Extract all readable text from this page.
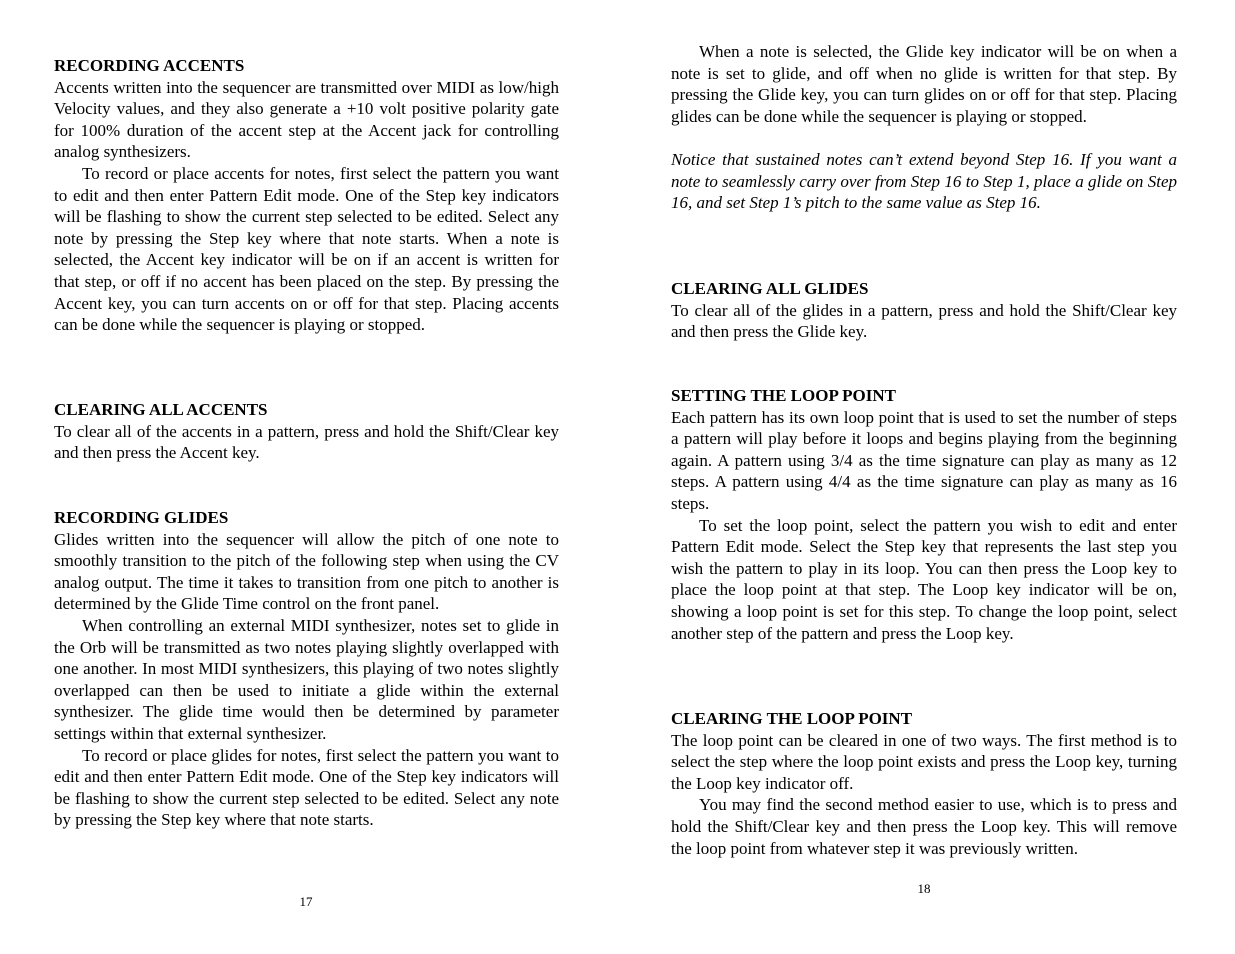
RECORDING ACCENTS

Accents written into the sequencer are transmitted over MIDI as low/high Velocity values, and they also generate a +10 volt positive polarity gate for 100% duration of the accent step at the Accent jack for controlling analog synthesizers.

To record or place accents for notes, first select the pattern you want to edit and then enter Pattern Edit mode. One of the Step key indicators will be flashing to show the current step selected to be edited. Select any note by pressing the Step key where that note starts. When a note is selected, the Accent key indicator will be on if an accent is written for that step, or off if no accent has been placed on the step. By pressing the Accent key, you can turn accents on or off for that step. Placing accents can be done while the sequencer is playing or stopped.

CLEARING ALL ACCENTS

To clear all of the accents in a pattern, press and hold the Shift/Clear key and then press the Accent key.

RECORDING GLIDES

Glides written into the sequencer will allow the pitch of one note to smoothly transition to the pitch of the following step when using the CV analog output. The time it takes to transition from one pitch to another is determined by the Glide Time control on the front panel.

When controlling an external MIDI synthesizer, notes set to glide in the Orb will be transmitted as two notes playing slightly overlapped with one another. In most MIDI synthesizers, this playing of two notes slightly overlapped can then be used to initiate a glide within the external synthesizer. The glide time would then be determined by parameter settings within that external synthesizer.

To record or place glides for notes, first select the pattern you want to edit and then enter Pattern Edit mode. One of the Step key indicators will be flashing to show the current step selected to be edited. Select any note by pressing the Step key where that note starts.

17

When a note is selected, the Glide key indicator will be on when a note is set to glide, and off when no glide is written for that step. By pressing the Glide key, you can turn glides on or off for that step. Placing glides can be done while the sequencer is playing or stopped.

Notice that sustained notes can’t extend beyond Step 16. If you want a note to seamlessly carry over from Step 16 to Step 1, place a glide on Step 16, and set Step 1’s pitch to the same value as Step 16.

CLEARING ALL GLIDES

To clear all of the glides in a pattern, press and hold the Shift/Clear key and then press the Glide key.

SETTING THE LOOP POINT

Each pattern has its own loop point that is used to set the number of steps a pattern will play before it loops and begins playing from the beginning again. A pattern using 3/4 as the time signature can play as many as 12 steps. A pattern using 4/4 as the time signature can play as many as 16 steps.

To set the loop point, select the pattern you wish to edit and enter Pattern Edit mode. Select the Step key that represents the last step you wish the pattern to play in its loop. You can then press the Loop key to place the loop point at that step. The Loop key indicator will be on, showing a loop point is set for this step. To change the loop point, select another step of the pattern and press the Loop key.

CLEARING THE LOOP POINT

The loop point can be cleared in one of two ways. The first method is to select the step where the loop point exists and press the Loop key, turning the Loop key indicator off.

You may find the second method easier to use, which is to press and hold the Shift/Clear key and then press the Loop key. This will remove the loop point from whatever step it was previously written.

18
